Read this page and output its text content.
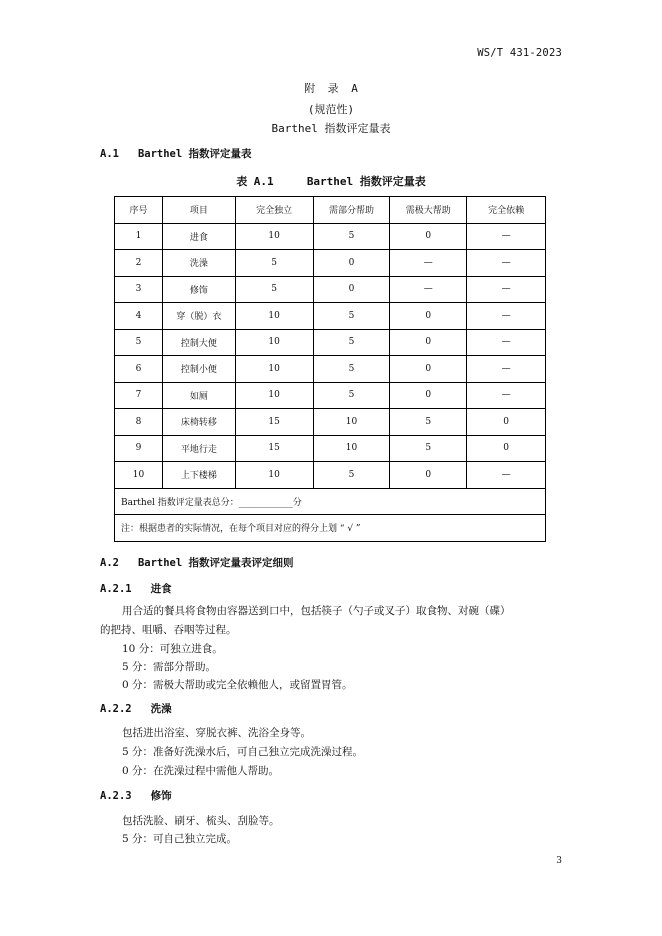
WS/T 431-2023
附 录 A
(规范性)
Barthel 指数评定量表
A.1 Barthel 指数评定量表
表 A.1	Barthel 指数评定量表
序号	项目	完全独立	需部分帮助	需极大帮助	完全依赖
1	进食	10	5	0	—
2	洗澡	5	0	—	—
3	修饰	5	0	—	—
4	穿（脱）衣	10	5	0	—
5	控制大便	10	5	0	—
6	控制小便	10	5	0	—
7	如厕	10	5	0	—
8	床椅转移	15	10	5	0
9	平地行走	15	10	5	0
10	上下楼梯	10	5	0	—
Barthel 指数评定量表总分：____________分					
注：根据患者的实际情况，在每个项目对应的得分上划 “ √ ”					
A.2 Barthel 指数评定量表评定细则
A.2.1 进食
用合适的餐具将食物由容器送到口中，包括筷子（勺子或叉子）取食物、对碗（碟）
的把持、咀嚼、吞咽等过程。
10 分：可独立进食。
5 分：需部分帮助。
0 分：需极大帮助或完全依赖他人，或留置胃管。
A.2.2 洗澡
包括进出浴室、穿脱衣裤、洗浴全身等。
5 分：准备好洗澡水后，可自己独立完成洗澡过程。
0 分：在洗澡过程中需他人帮助。
A.2.3 修饰
包括洗脸、刷牙、梳头、刮脸等。
5 分：可自己独立完成。
3
